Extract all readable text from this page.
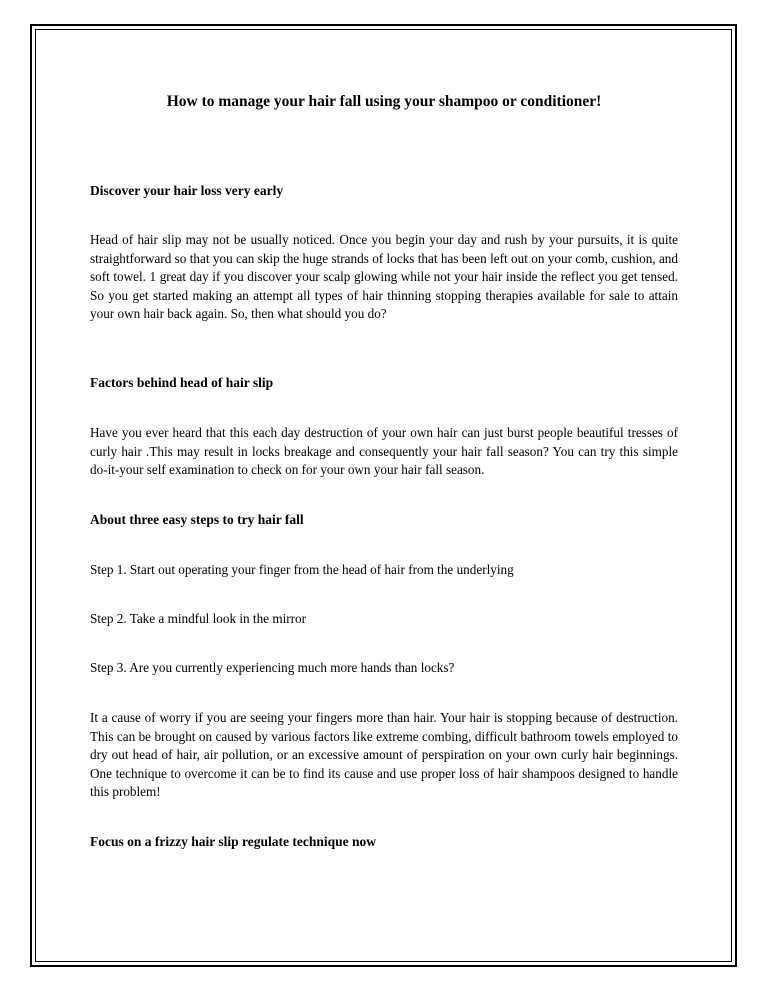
How to manage your hair fall using your shampoo or conditioner!
Discover your hair loss very early

Head of hair slip may not be usually noticed. Once you begin your day and rush by your pursuits, it is quite straightforward so that you can skip the huge strands of locks that has been left out on your comb, cushion, and soft towel. 1 great day if you discover your scalp glowing while not your hair inside the reflect you get tensed. So you get started making an attempt all types of hair thinning stopping therapies available for sale to attain your own hair back again. So, then what should you do?

Factors behind head of hair slip

Have you ever heard that this each day destruction of your own hair can just burst people beautiful tresses of curly hair .This may result in locks breakage and consequently your hair fall season? You can try this simple do-it-your self examination to check on for your own your hair fall season.

About three easy steps to try hair fall

Step 1. Start out operating your finger from the head of hair from the underlying

Step 2. Take a mindful look in the mirror

Step 3. Are you currently experiencing much more hands than locks?

It a cause of worry if you are seeing your fingers more than hair. Your hair is stopping because of destruction. This can be brought on caused by various factors like extreme combing, difficult bathroom towels employed to dry out head of hair, air pollution, or an excessive amount of perspiration on your own curly hair beginnings. One technique to overcome it can be to find its cause and use proper loss of hair shampoos designed to handle this problem!

Focus on a frizzy hair slip regulate technique now
